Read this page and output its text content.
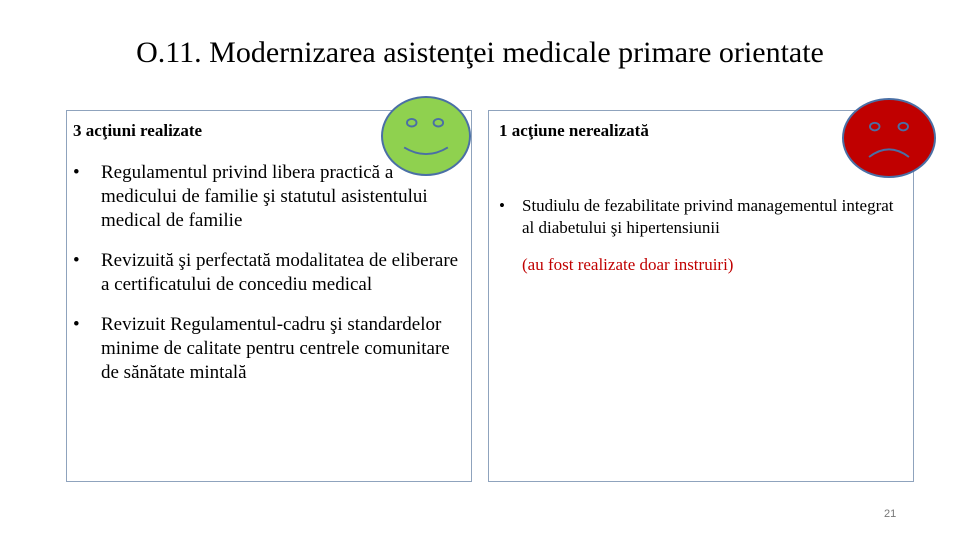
O.11. Modernizarea asistenţei medicale primare orientate
3 acţiuni realizate
• Regulamentul privind libera practică a medicului de familie şi statutul asistentului medical de familie
• Revizuită şi perfectată modalitatea de eliberare a certificatului de concediu medical
• Revizuit Regulamentul-cadru şi standardelor minime de calitate pentru centrele comunitare de sănătate mintală
1 acţiune nerealizată
• Studiulu de fezabilitate privind managementul integrat al diabetului şi hipertensiunii
(au fost realizate doar instruiri)
21
